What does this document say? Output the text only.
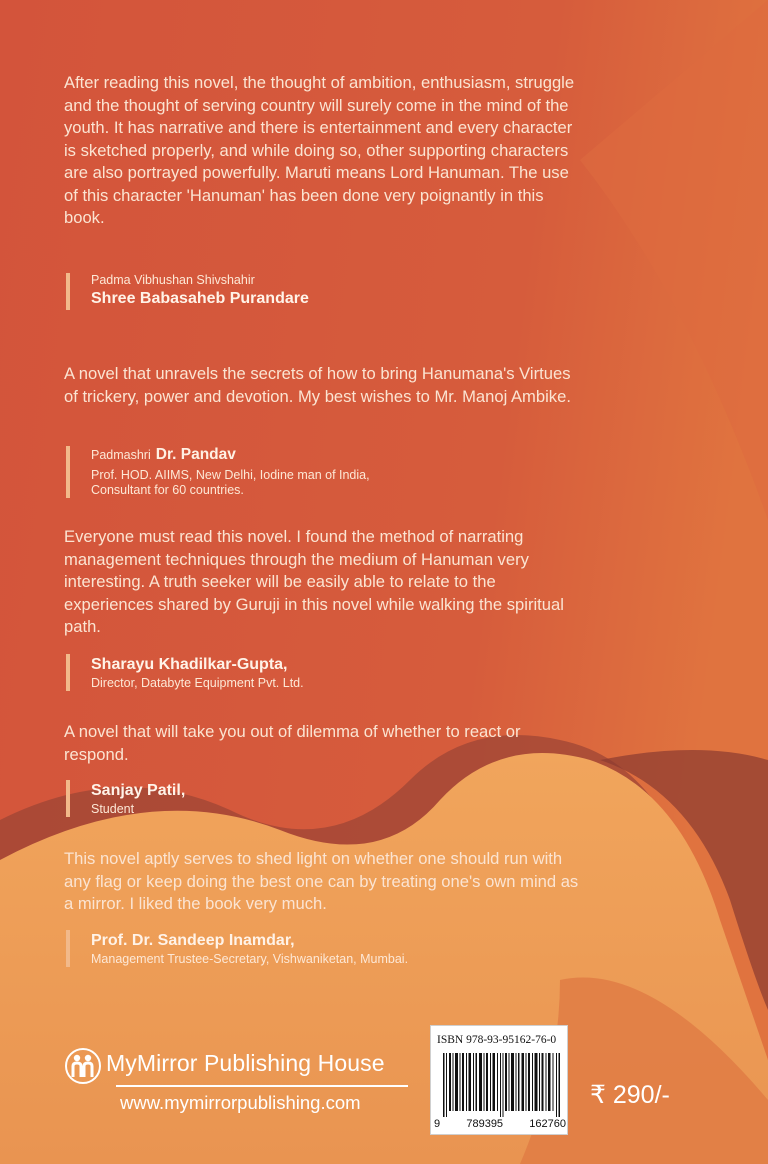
After reading this novel, the thought of ambition, enthusiasm, struggle and the thought of serving country will surely come in the mind of the youth. It has narrative and there is entertainment and every character is sketched properly, and while doing so, other supporting characters are also portrayed powerfully. Maruti means Lord Hanuman. The use of this character 'Hanuman' has been done very poignantly in this book.

Padma Vibhushan Shivshahir
Shree Babasaheb Purandare

A novel that unravels the secrets of how to bring Hanumana's Virtues of trickery, power and devotion. My best wishes to Mr. Manoj Ambike.

Padmashri Dr. Pandav
Prof. HOD. AIIMS, New Delhi, Iodine man of India,
Consultant for 60 countries.

Everyone must read this novel. I found the method of narrating management techniques through the medium of Hanuman very interesting. A truth seeker will be easily able to relate to the experiences shared by Guruji in this novel while walking the spiritual path.

Sharayu Khadilkar-Gupta,
Director, Databyte Equipment Pvt. Ltd.

A novel that will take you out of dilemma of whether to react or respond.

Sanjay Patil,
Student

This novel aptly serves to shed light on whether one should run with any flag or keep doing the best one can by treating one's own mind as a mirror. I liked the book very much.

Prof. Dr. Sandeep Inamdar,
Management Trustee-Secretary, Vishwaniketan, Mumbai.
MyMirror Publishing House
www.mymirrorpublishing.com
ISBN 978-93-95162-76-0
9 789395 162760
₹ 290/-
